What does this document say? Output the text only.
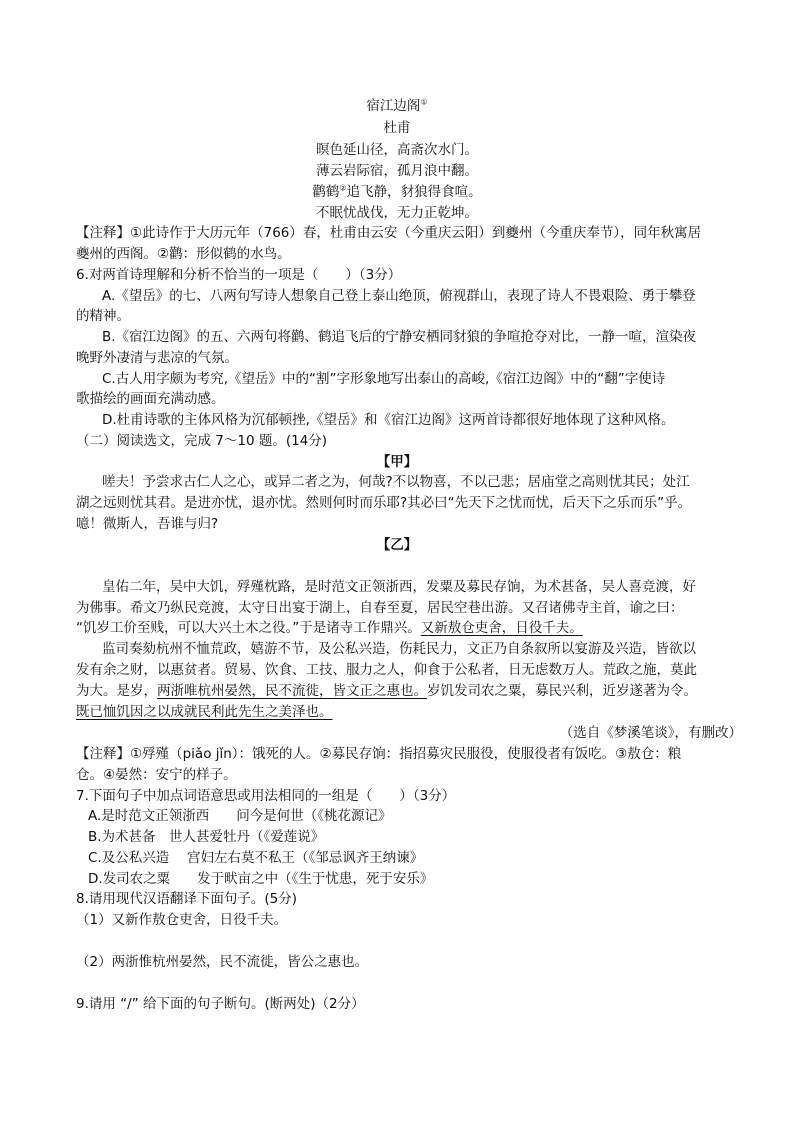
宿江边阁①
杜甫
暝色延山径，高斋次水门。
薄云岩际宿，孤月浪中翻。
鹳鹤②追飞静，豺狼得食喧。
不眠忧战伐，无力正乾坤。
【注释】①此诗作于大历元年（766）春，杜甫由云安（今重庆云阳）到夔州（今重庆奉节），同年秋寓居
夔州的西阁。②鹳：形似鹤的水鸟。
6.对两首诗理解和分析不恰当的一项是（　　）（3分）
A.《望岳》的七、八两句写诗人想象自己登上泰山绝顶，俯视群山，表现了诗人不畏艰险、勇于攀登
的精神。
B.《宿江边阁》的五、六两句将鹳、鹤追飞后的宁静安栖同豺狼的争喧抢夺对比，一静一喧，渲染夜
晚野外凄清与悲凉的气氛。
C.古人用字颇为考究,《望岳》中的“割”字形象地写出泰山的高峻,《宿江边阁》中的“翻”字使诗
歌描绘的画面充满动感。
D.杜甫诗歌的主体风格为沉郁顿挫,《望岳》和《宿江边阁》这两首诗都很好地体现了这种风格。
（二）阅读选文，完成 7～10 题。(14分)
【甲】
嗟夫！予尝求古仁人之心，或异二者之为，何哉?不以物喜，不以己悲；居庙堂之高则忧其民；处江
湖之远则忧其君。是进亦忧，退亦忧。然则何时而乐耶?其必曰“先天下之忧而忧，后天下之乐而乐”乎。
噫！微斯人，吾谁与归?
【乙】
皇佑二年，吴中大饥，殍殣枕路，是时范文正领浙西，发粟及募民存饷，为术甚备，吴人喜竞渡，好
为佛事。希文乃纵民竞渡，太守日出宴于湖上，自春至夏，居民空巷出游。又召诸佛寺主首，谕之曰：
“饥岁工价至贱，可以大兴土木之役。”于是诸寺工作鼎兴。又新敖仓吏舍，日役千夫。
监司奏劾杭州不恤荒政，嬉游不节，及公私兴造，伤耗民力，文正乃自条叙所以宴游及兴造，皆欲以
发有余之财，以惠贫者。贸易、饮食、工技、服力之人，仰食于公私者，日无虑数万人。荒政之施，莫此
为大。是岁，两浙唯杭州晏然，民不流徙，皆文正之惠也。岁饥发司农之粟，募民兴利，近岁遂著为令。
既已恤饥因之以成就民利此先生之美泽也。
（选自《梦溪笔谈》，有删改）
【注释】①殍殣（piǎo jǐn）：饿死的人。②募民存饷：指招募灾民服役，使服役者有饭吃。③敖仓：粮
仓。④晏然：安宁的样子。
7.下面句子中加点词语意思或用法相同的一组是（　　）（3分）
A.是时范文正领浙西　　问今是何世（《桃花源记》
B.为术甚备　世人甚爱牡丹（《爱莲说》
C.及公私兴造　 宫妇左右莫不私王（《邹忌讽齐王纳谏》
D.发司农之粟　　发于畎亩之中（《生于忧患，死于安乐》
8.请用现代汉语翻译下面句子。(5分)
（1）又新作敖仓吏舍，日役千夫。
（2）两浙惟杭州晏然，民不流徙，皆公之惠也。
9.请用 “/” 给下面的句子断句。(断两处)（2分）
